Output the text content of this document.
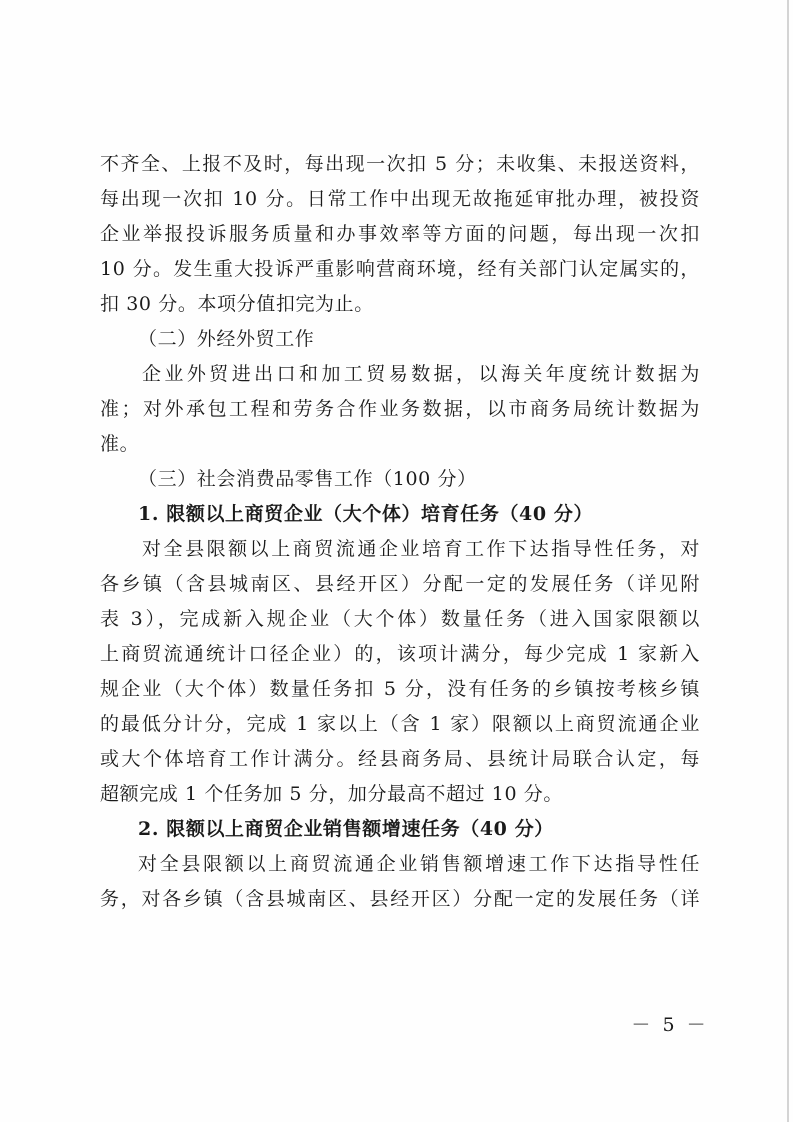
不齐全、上报不及时，每出现一次扣 5 分；未收集、未报送资料，
每出现一次扣 10 分。日常工作中出现无故拖延审批办理，被投资
企业举报投诉服务质量和办事效率等方面的问题，每出现一次扣
10 分。发生重大投诉严重影响营商环境，经有关部门认定属实的，
扣 30 分。本项分值扣完为止。
（二）外经外贸工作
企业外贸进出口和加工贸易数据，以海关年度统计数据为
准；对外承包工程和劳务合作业务数据，以市商务局统计数据为
准。
（三）社会消费品零售工作（100 分）
1. 限额以上商贸企业（大个体）培育任务（40 分）
对全县限额以上商贸流通企业培育工作下达指导性任务，对
各乡镇（含县城南区、县经开区）分配一定的发展任务（详见附
表 3），完成新入规企业（大个体）数量任务（进入国家限额以
上商贸流通统计口径企业）的，该项计满分，每少完成 1 家新入
规企业（大个体）数量任务扣 5 分，没有任务的乡镇按考核乡镇
的最低分计分，完成 1 家以上（含 1 家）限额以上商贸流通企业
或大个体培育工作计满分。经县商务局、县统计局联合认定，每
超额完成 1 个任务加 5 分，加分最高不超过 10 分。
2. 限额以上商贸企业销售额增速任务（40 分）
对全县限额以上商贸流通企业销售额增速工作下达指导性任
务，对各乡镇（含县城南区、县经开区）分配一定的发展任务（详
－ 5 －
